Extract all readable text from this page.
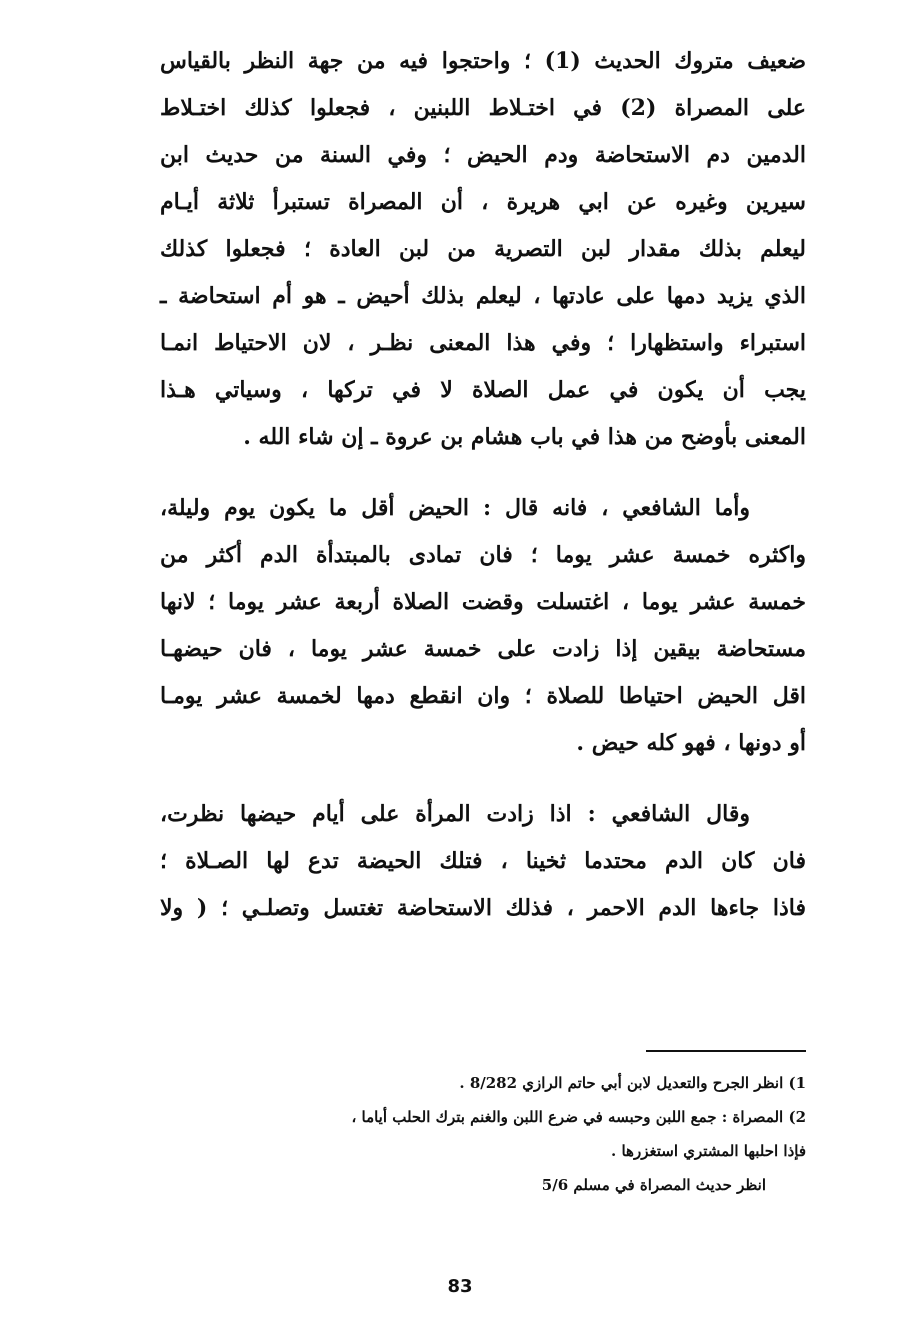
ضعيف متروك الحديث (1) ؛ واحتجوا فيه من جهة النظر بالقياس
على المصراة (2) في اختـلاط اللبنين ، فجعلوا كذلك اختـلاط
الدمين دم الاستحاضة ودم الحيض ؛ وفي السنة من حديث ابن
سيرين وغيره عن ابي هريرة ، أن المصراة تستبرأ ثلاثة أيـام
ليعلم بذلك مقدار لبن التصرية من لبن العادة ؛ فجعلوا كذلك
الذي يزيد دمها على عادتها ، ليعلم بذلك أحيض ـ هو أم استحاضة ـ
استبراء واستظهارا ؛ وفي هذا المعنى نظـر ، لان الاحتياط انمـا
يجب أن يكون في عمل الصلاة لا في تركها ، وسياتي هـذا
المعنى بأوضح من هذا في باب هشام بن عروة ـ إن شاء الله .
وأما الشافعي ، فانه قال : الحيض أقل ما يكون يوم وليلة،
واكثره خمسة عشر يوما ؛ فان تمادى بالمبتدأة الدم أكثر من
خمسة عشر يوما ، اغتسلت وقضت الصلاة أربعة عشر يوما ؛ لانها
مستحاضة بيقين إذا زادت على خمسة عشر يوما ، فان حيضهـا
اقل الحيض احتياطا للصلاة ؛ وان انقطع دمها لخمسة عشر يومـا
أو دونها ، فهو كله حيض .
وقال الشافعي : اذا زادت المرأة على أيام حيضها نظرت،
فان كان الدم محتدما ثخينا ، فتلك الحيضة تدع لها الصـلاة ؛
فاذا جاءها الدم الاحمر ، فذلك الاستحاضة تغتسل وتصلـي ؛ ( ولا
1) انظر الجرح والتعديل لابن أبي حاتم الرازي 8/282 .
2) المصراة : جمع اللبن وحبسه في ضرع اللبن والغنم بترك الحلب أياما ،
فإذا احلبها المشتري استغزرها .
انظر حديث المصراة في مسلم 5/6
83
